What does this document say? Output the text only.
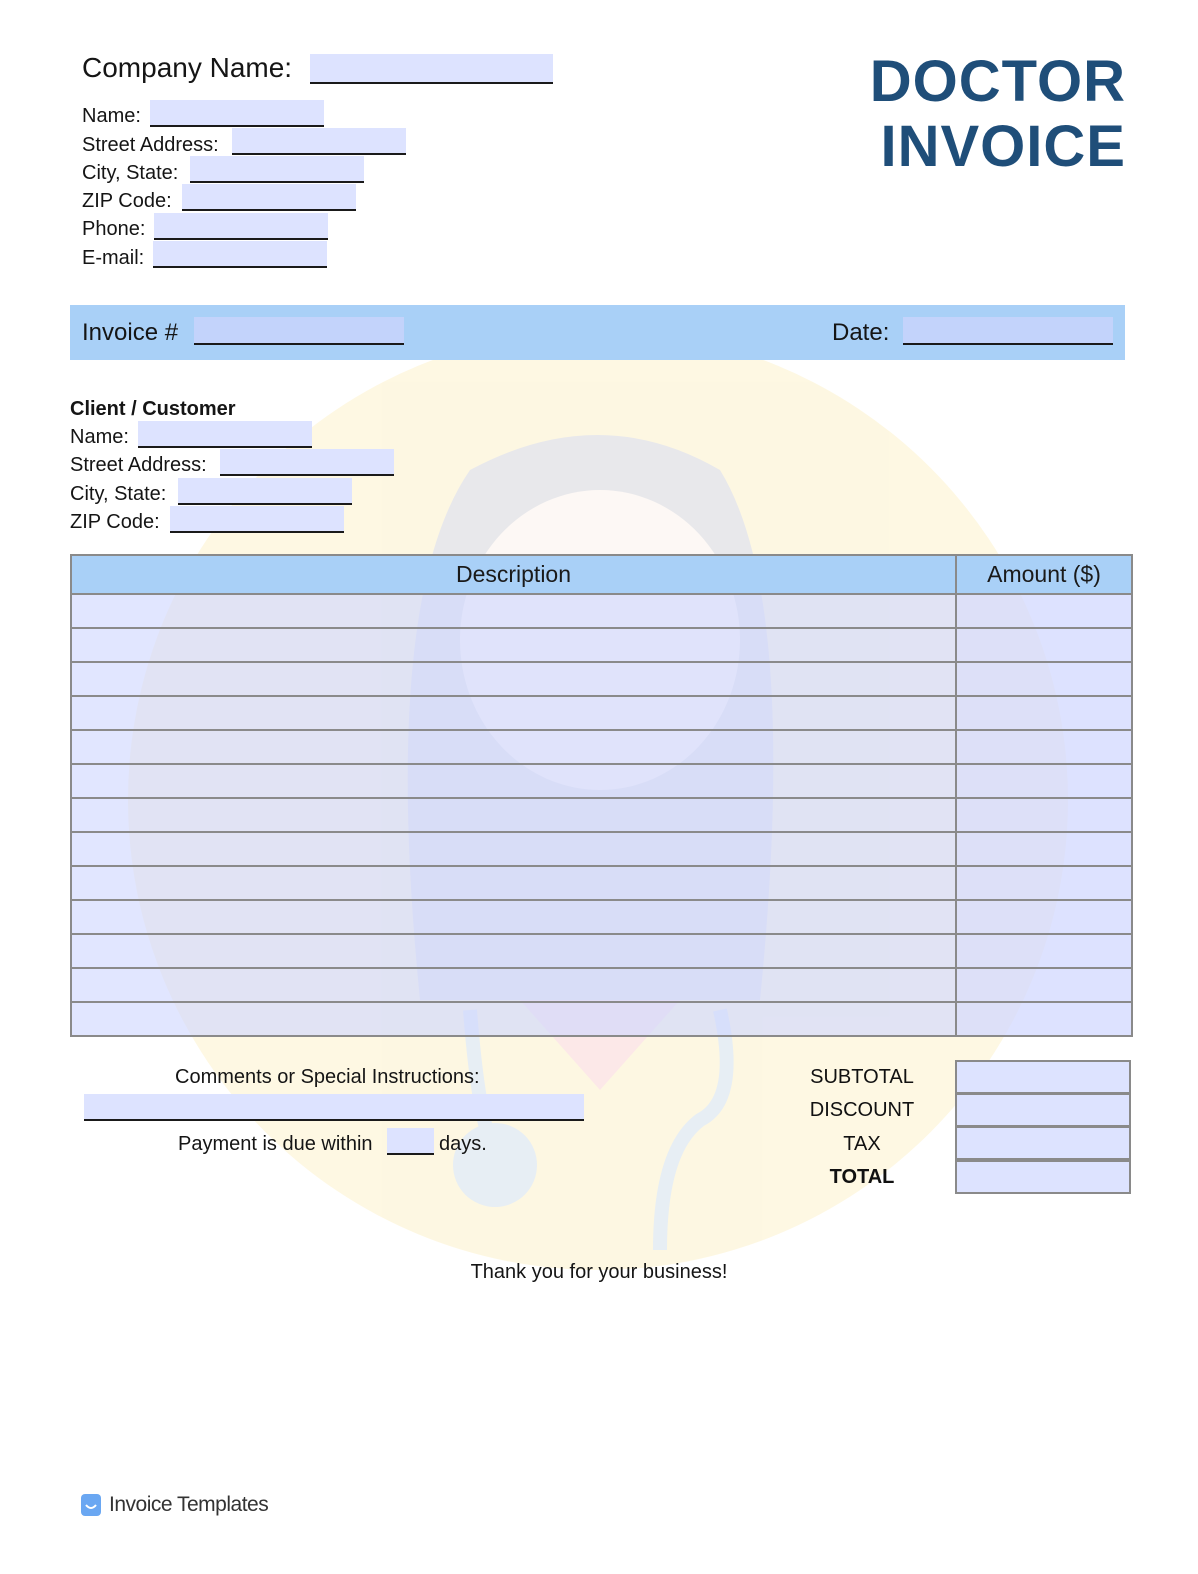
Company Name:
Name:
Street Address:
City, State:
ZIP Code:
Phone:
E-mail:
DOCTOR
INVOICE
Invoice #	Date:
Client / Customer
Name:
Street Address:
City, State:
ZIP Code:
Description	Amount ($)

Comments or Special Instructions:
Payment is due within	days.
SUBTOTAL
DISCOUNT
TAX
TOTAL
Thank you for your business!
Invoice Templates
